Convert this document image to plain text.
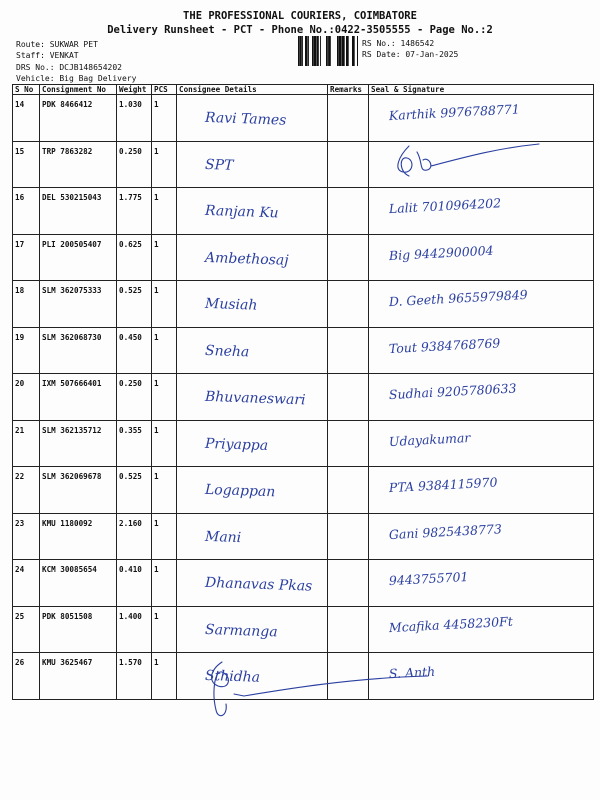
THE PROFESSIONAL COURIERS, COIMBATORE
Delivery Runsheet - PCT - Phone No.:0422-3505555 - Page No.:2
Route: SUKWAR PET
Staff: VENKAT
DRS No.: DCJB148654202
Vehicle: Big Bag Delivery
RS No.: 1486542
RS Date: 07-Jan-2025
S No	Consignment No	Weight	PCS	Consignee Details	Remarks	Seal & Signature
14	PDK 8466412	1.030	1	Ravi Tames		Karthik 9976788771

15	TRP 7863282	0.250	1	SPT

16	DEL 530215043	1.775	1	Ranjan Ku		Lalit 7010964202

17	PLI 200505407	0.625	1	Ambethosaj		Big 9442900004

18	SLM 362075333	0.525	1	Musiah		D. Geeth 9655979849

19	SLM 362068730	0.450	1	Sneha		Tout 9384768769

20	IXM 507666401	0.250	1	Bhuvaneswari		Sudhai 9205780633

21	SLM 362135712	0.355	1	Priyappa		Udayakumar

22	SLM 362069678	0.525	1	Logappan		PTA 9384115970

23	KMU 1180092	2.160	1	Mani		Gani 9825438773

24	KCM 30085654	0.410	1	Dhanavas Pkas		9443755701

25	PDK 8051508	1.400	1	Sarmanga		Mcafika 4458230Ft

26	KMU 3625467	1.570	1	Sthidha		S. Anth
